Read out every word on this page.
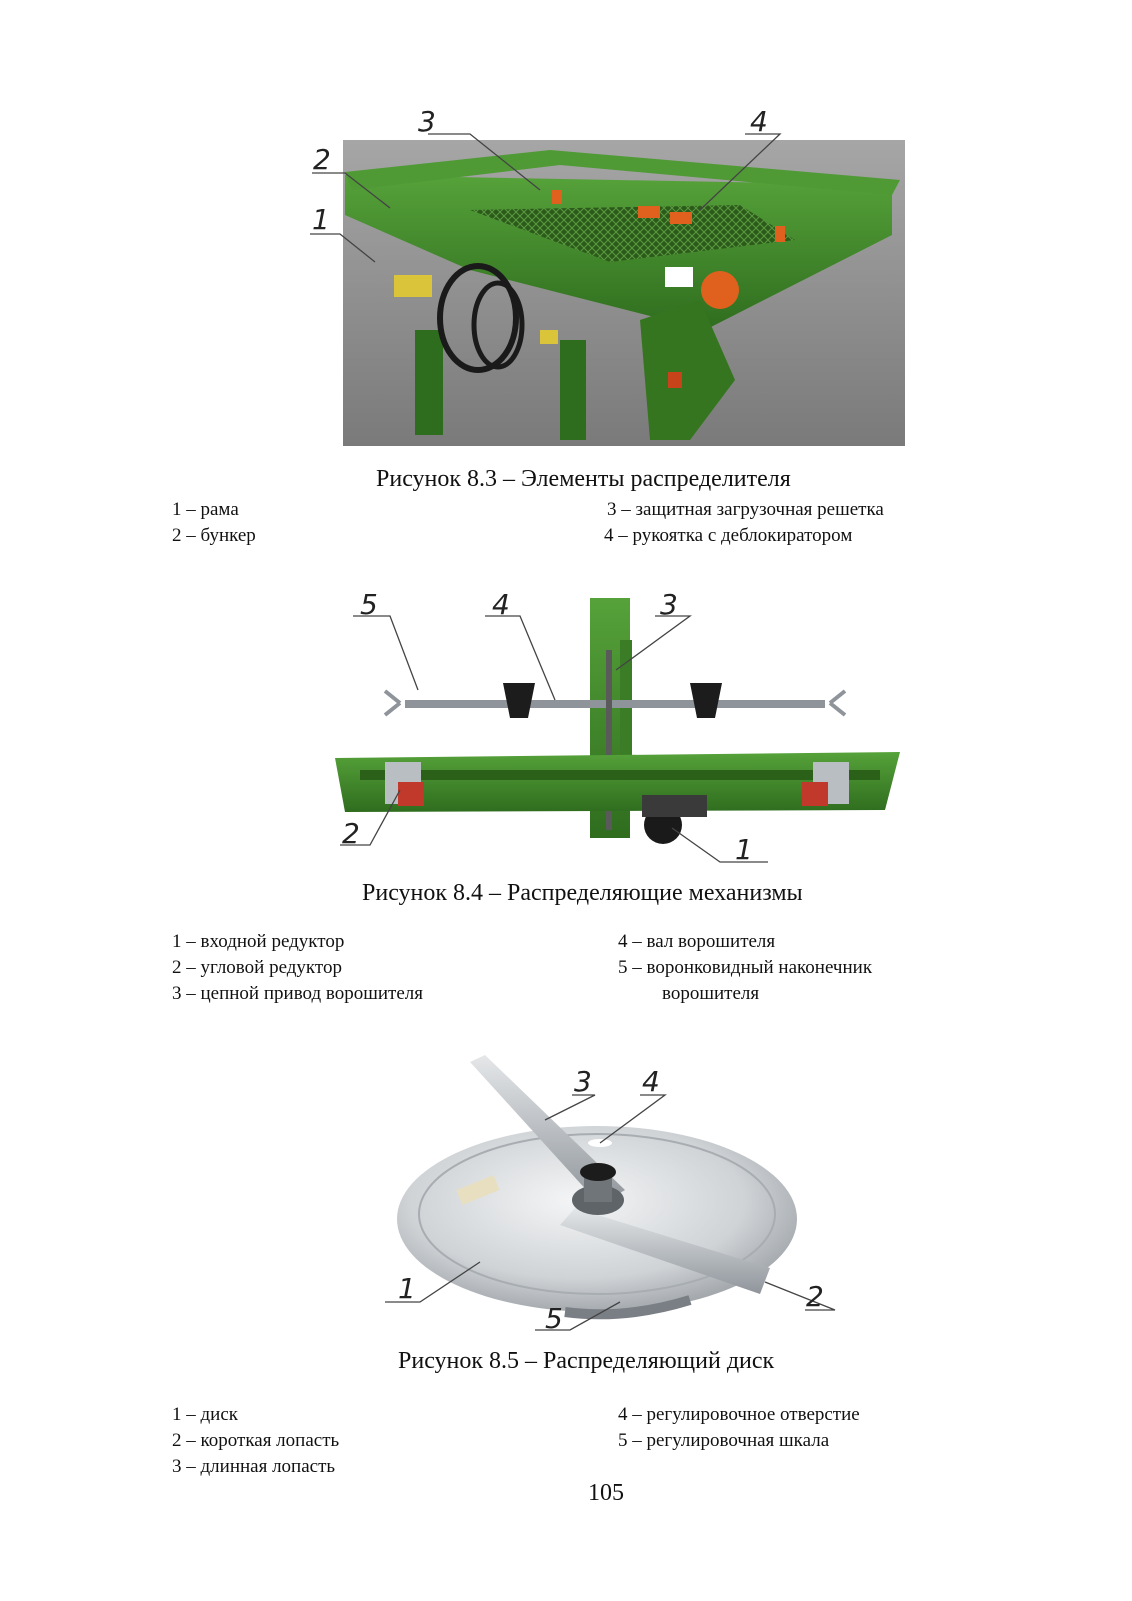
3	4
2
1
5	4	3
2	1
3 4
1	2
5
Рисунок 8.3 – Элементы распределителя
Рисунок 8.4 – Распределяющие механизмы
Рисунок 8.5 – Распределяющий диск
1 – рама
2 – бункер
3 – защитная загрузочная решетка
4 – рукоятка с деблокиратором
1 – входной редуктор
2 – угловой редуктор
3 – цепной привод ворошителя
4 – вал ворошителя
5 – воронковидный наконечник
ворошителя
1 – диск
2 – короткая лопасть
3 – длинная лопасть
4 – регулировочное отверстие
5 – регулировочная шкала
105
